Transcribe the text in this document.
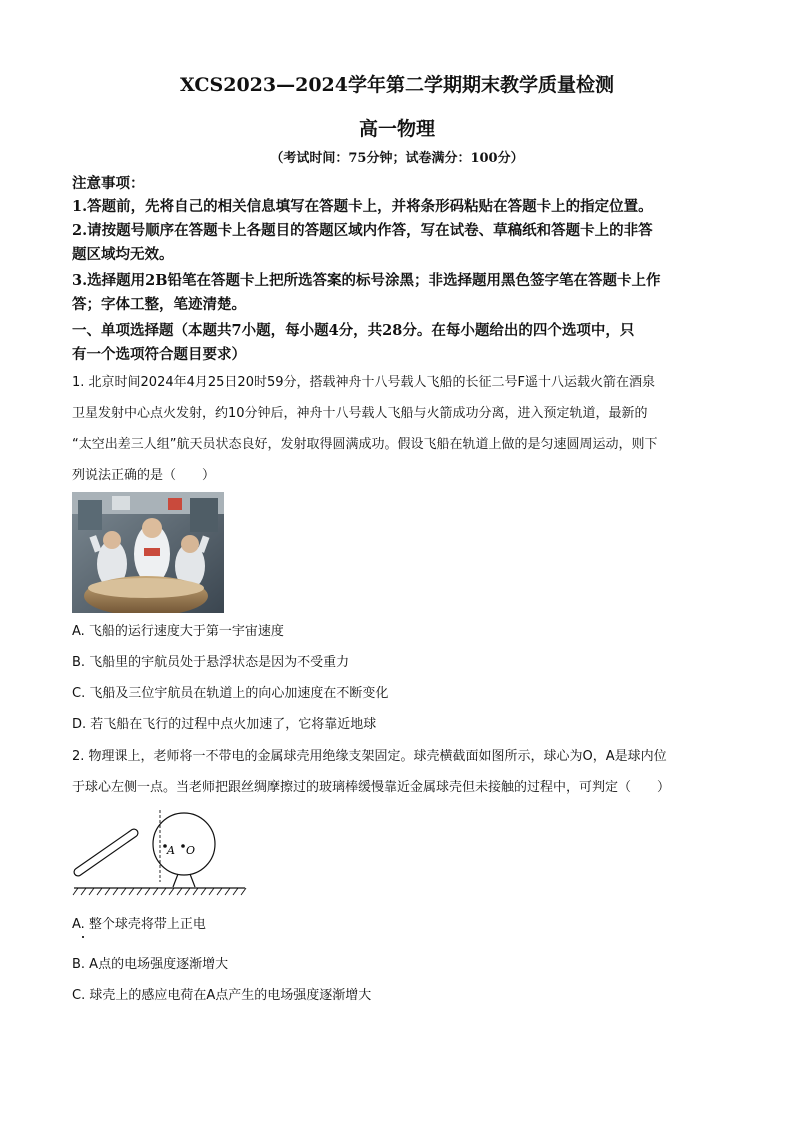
XCS2023—2024学年第二学期期末教学质量检测
高一物理
（考试时间：75分钟；试卷满分：100分）
注意事项：
1.答题前，先将自己的相关信息填写在答题卡上，并将条形码粘贴在答题卡上的指定位置。
2.请按题号顺序在答题卡上各题目的答题区域内作答，写在试卷、草稿纸和答题卡上的非答
题区域均无效。
3.选择题用2B铅笔在答题卡上把所选答案的标号涂黑；非选择题用黑色签字笔在答题卡上作
答；字体工整，笔迹清楚。
一、单项选择题（本题共7小题，每小题4分，共28分。在每小题给出的四个选项中，只
有一个选项符合题目要求）
1. 北京时间2024年4月25日20时59分，搭载神舟十八号载人飞船的长征二号F遥十八运载火箭在酒泉
卫星发射中心点火发射，约10分钟后，神舟十八号载人飞船与火箭成功分离，进入预定轨道，最新的
“太空出差三人组”航天员状态良好，发射取得圆满成功。假设飞船在轨道上做的是匀速圆周运动，则下
列说法正确的是（　　）
A. 飞船的运行速度大于第一宇宙速度
B. 飞船里的宇航员处于悬浮状态是因为不受重力
C. 飞船及三位宇航员在轨道上的向心加速度在不断变化
D. 若飞船在飞行的过程中点火加速了，它将靠近地球
2. 物理课上，老师将一不带电的金属球壳用绝缘支架固定。球壳横截面如图所示，球心为O，A是球内位
于球心左侧一点。当老师把跟丝绸摩擦过的玻璃棒缓慢靠近金属球壳但未接触的过程中，可判定（　　）
A O
A. 整个球壳将带上正电
B. A点的电场强度逐渐增大
C. 球壳上的感应电荷在A点产生的电场强度逐渐增大
